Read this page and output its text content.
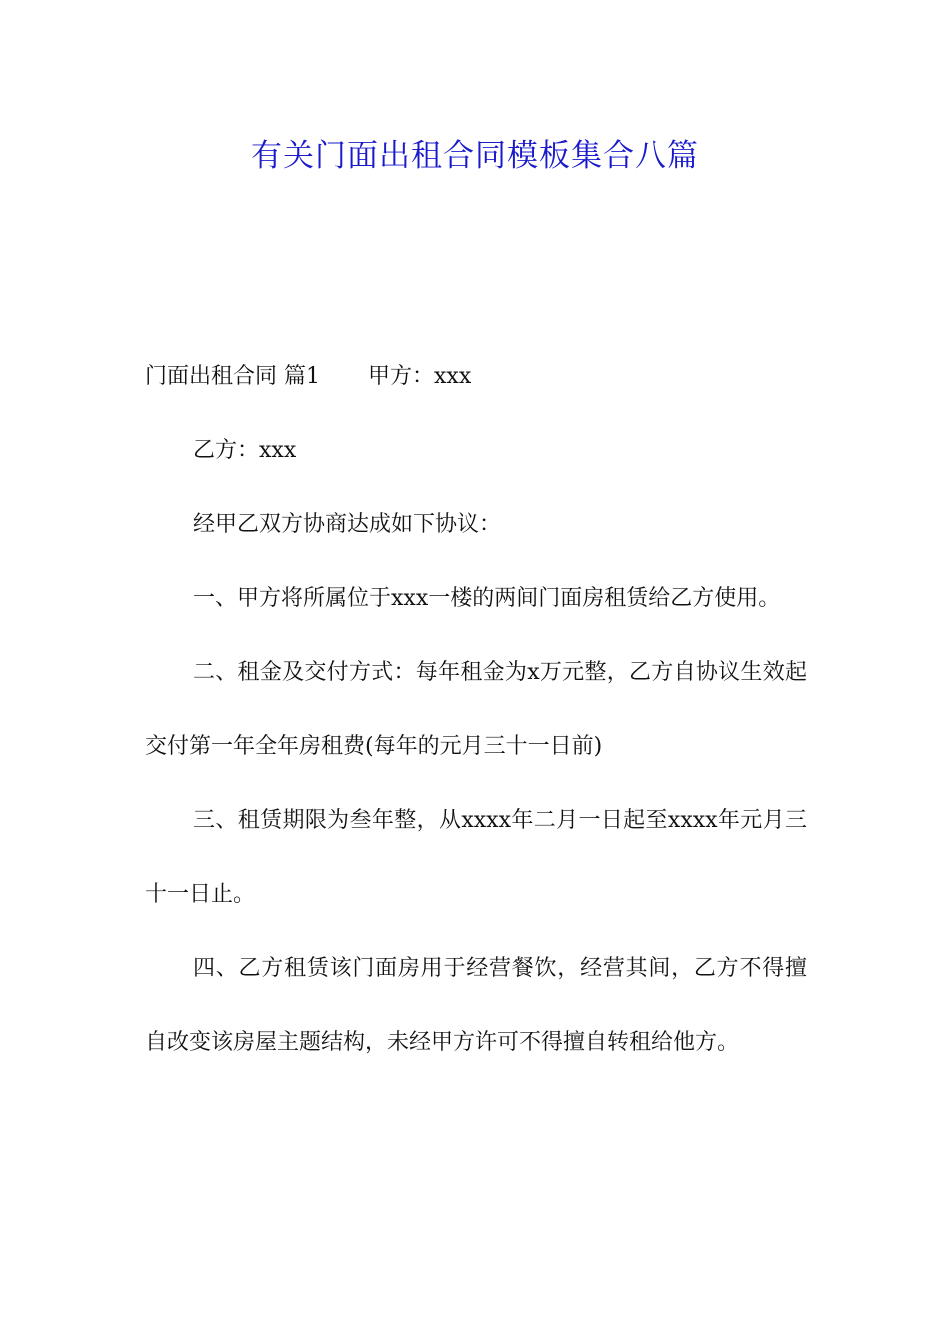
有关门面出租合同模板集合八篇

门面出租合同 篇1 甲方：xxx

乙方：xxx

经甲乙双方协商达成如下协议：

一、甲方将所属位于xxx一楼的两间门面房租赁给乙方使用。

二、租金及交付方式：每年租金为x万元整，乙方自协议生效起交付第一年全年房租费(每年的元月三十一日前)

三、租赁期限为叁年整，从xxxx年二月一日起至xxxx年元月三十一日止。

四、乙方租赁该门面房用于经营餐饮，经营其间，乙方不得擅自改变该房屋主题结构，未经甲方许可不得擅自转租给他方。
